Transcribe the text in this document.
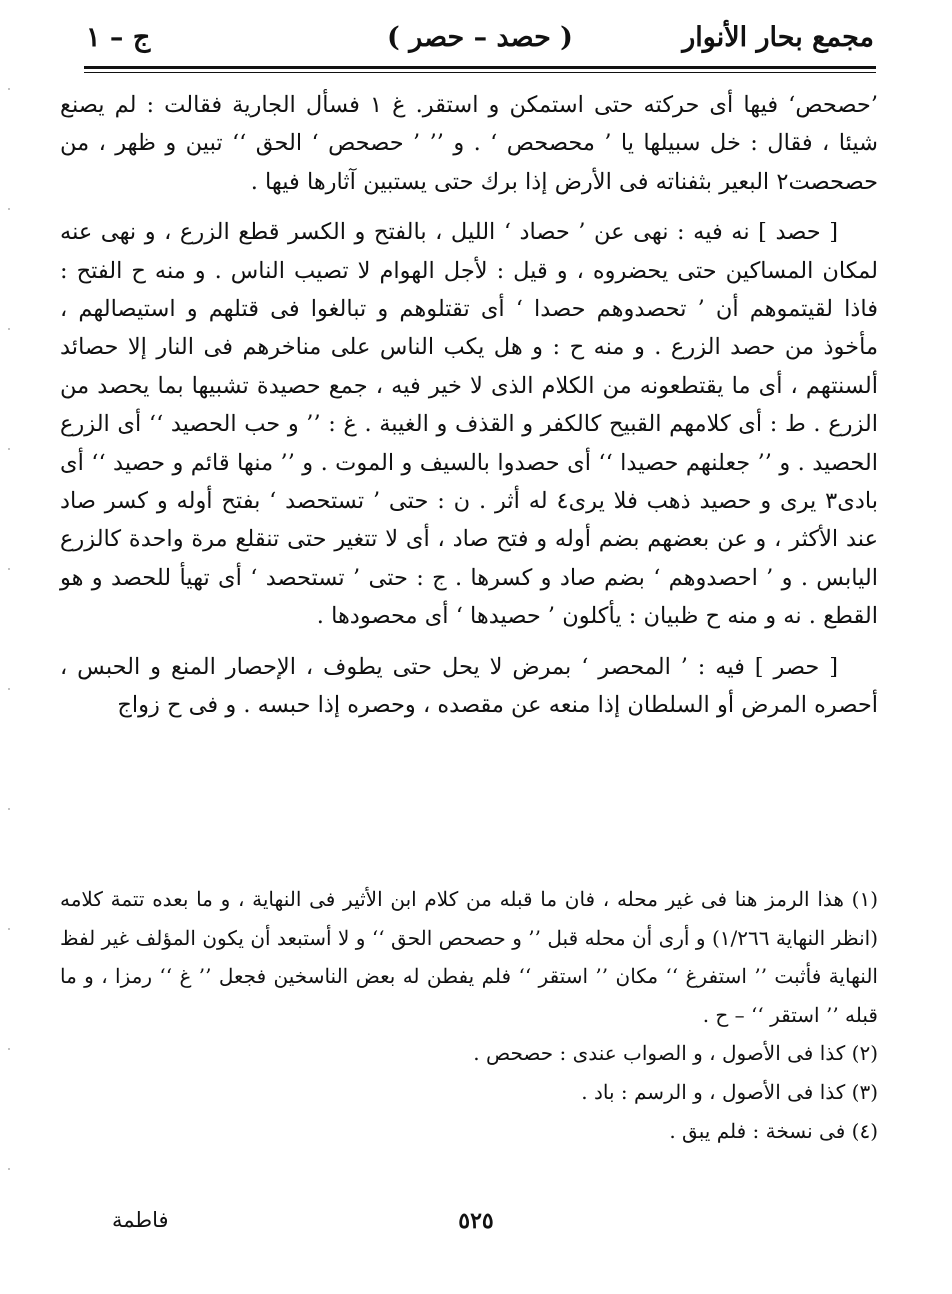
مجمع بحار الأنوار
( حصد – حصر )
ج – ١

’حصحص‘ فيها أى حركته حتى استمكن و استقر. غ ١ فسأل الجارية فقالت : لم يصنع شيئا ، فقال : خل سبيلها يا ’ محصحص ‘ . و ’’ ’ حصحص ‘ الحق ‘‘ تبين و ظهر ، من حصحصت٢ البعير بثفناته فى الأرض إذا برك حتى يستبين آثارها فيها .

[ حصد ] نه فيه : نهى عن ’ حصاد ‘ الليل ، بالفتح و الكسر قطع الزرع ، و نهى عنه لمكان المساكين حتى يحضروه ، و قيل : لأجل الهوام لا تصيب الناس . و منه ح الفتح : فاذا لقيتموهم أن ’ تحصدوهم حصدا ‘ أى تقتلوهم و تبالغوا فى قتلهم و استيصالهم ، مأخوذ من حصد الزرع . و منه ح : و هل يكب الناس على مناخرهم فى النار إلا حصائد ألسنتهم ، أى ما يقتطعونه من الكلام الذى لا خير فيه ، جمع حصيدة تشبيها بما يحصد من الزرع . ط : أى كلامهم القبيح كالكفر و القذف و الغيبة . غ : ’’ و حب الحصيد ‘‘ أى الزرع الحصيد . و ’’ جعلنهم حصيدا ‘‘ أى حصدوا بالسيف و الموت . و ’’ منها قائم و حصيد ‘‘ أى بادى٣ يرى و حصيد ذهب فلا يرى٤ له أثر . ن : حتى ’ تستحصد ‘ بفتح أوله و كسر صاد عند الأكثر ، و عن بعضهم بضم أوله و فتح صاد ، أى لا تتغير حتى تنقلع مرة واحدة كالزرع اليابس . و ’ احصدوهم ‘ بضم صاد و كسرها . ج : حتى ’ تستحصد ‘ أى تهيأ للحصد و هو القطع . نه و منه ح ظبيان : يأكلون ’ حصيدها ‘ أى محصودها .

[ حصر ] فيه : ’ المحصر ‘ بمرض لا يحل حتى يطوف ، الإحصار المنع و الحبس ، أحصره المرض أو السلطان إذا منعه عن مقصده ، وحصره إذا حبسه . و فى ح زواج

(١) هذا الرمز هنا فى غير محله ، فان ما قبله من كلام ابن الأثير فى النهاية ، و ما بعده تتمة كلامه (انظر النهاية ١/٢٦٦) و أرى أن محله قبل ’’ و حصحص الحق ‘‘ و لا أستبعد أن يكون المؤلف غير لفظ النهاية فأثبت ’’ استفرغ ‘‘ مكان ’’ استقر ‘‘ فلم يفطن له بعض الناسخين فجعل ’’ غ ‘‘ رمزا ، و ما قبله ’’ استقر ‘‘ – ح .

(٢) كذا فى الأصول ، و الصواب عندى : حصحص .

(٣) كذا فى الأصول ، و الرسم : باد .

(٤) فى نسخة : فلم يبق .

٥٢٥
فاطمة
